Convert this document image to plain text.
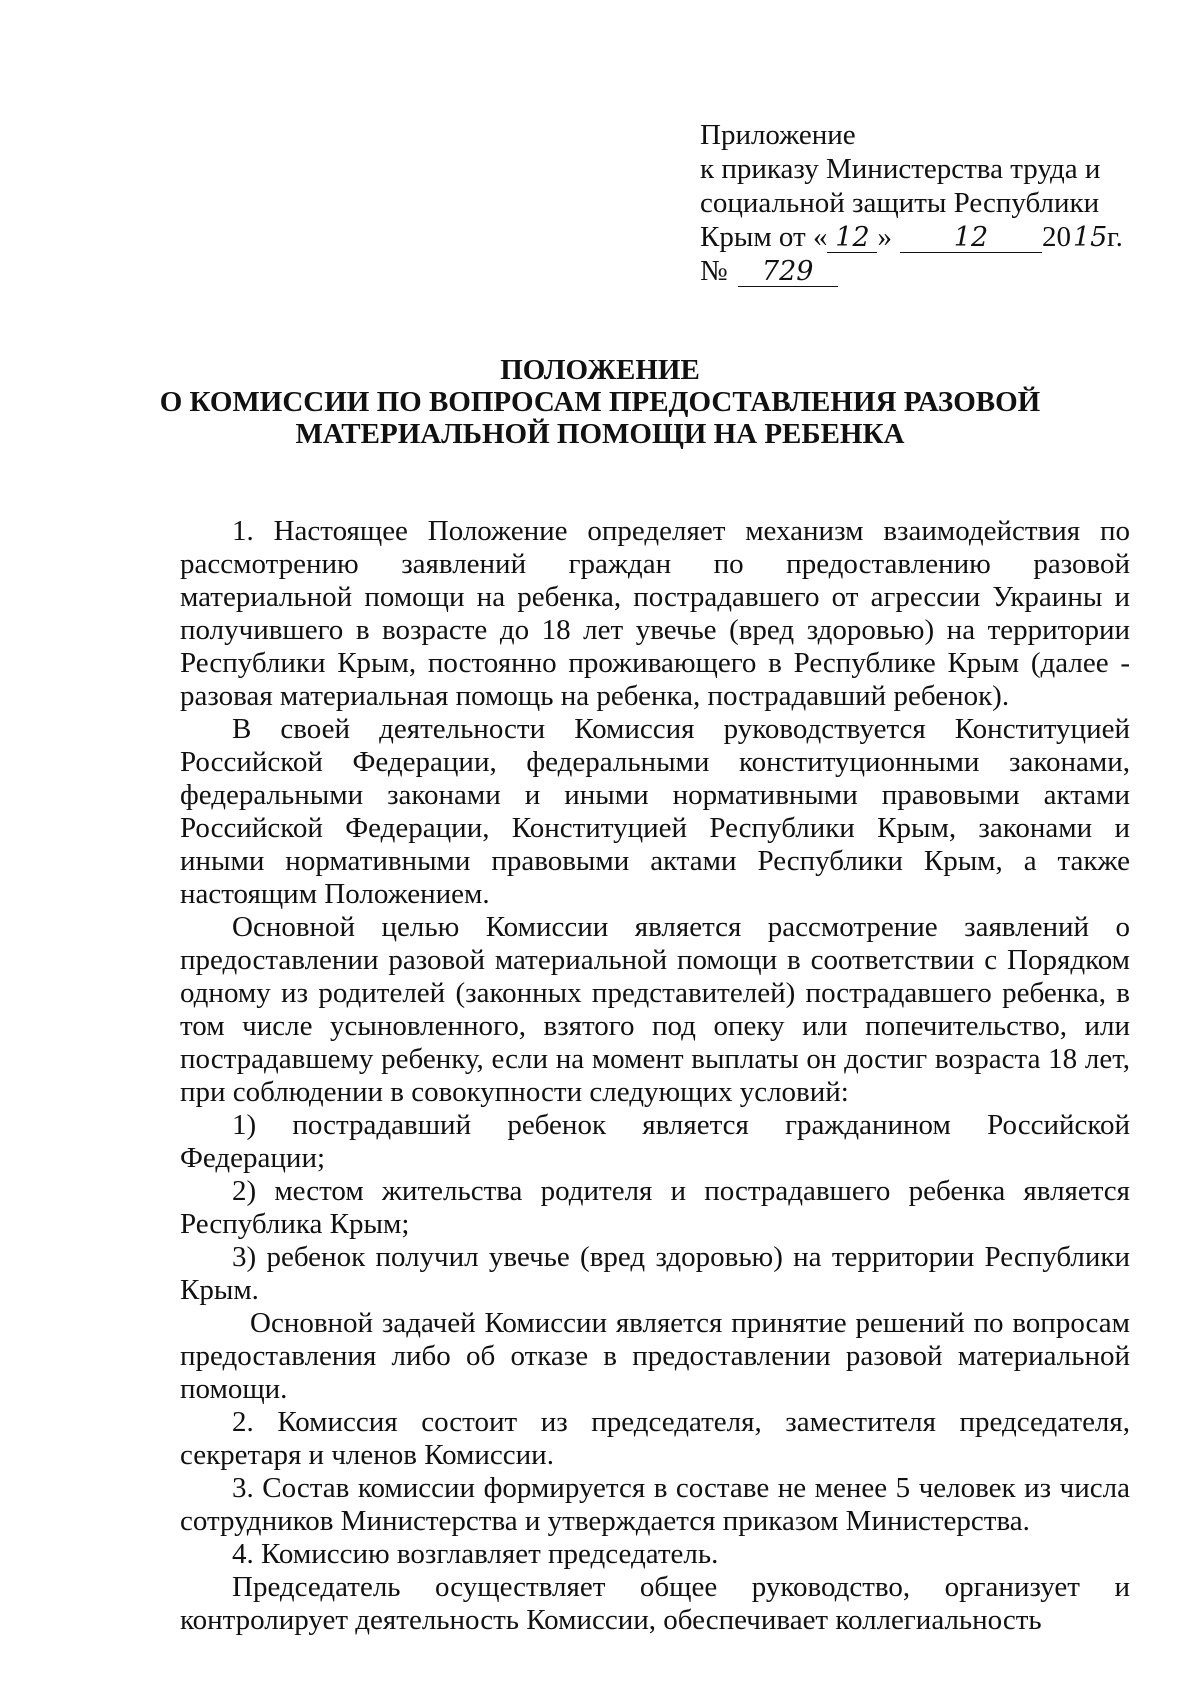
Приложение
к приказу Министерства труда и
социальной защиты Республики
Крым от « 12 » 12 2015г.
№ 729
ПОЛОЖЕНИЕ
О КОМИССИИ ПО ВОПРОСАМ ПРЕДОСТАВЛЕНИЯ РАЗОВОЙ
МАТЕРИАЛЬНОЙ ПОМОЩИ НА РЕБЕНКА

1. Настоящее Положение определяет механизм взаимодействия по рассмотрению заявлений граждан по предоставлению разовой материальной помощи на ребенка, пострадавшего от агрессии Украины и получившего в возрасте до 18 лет увечье (вред здоровью) на территории Республики Крым, постоянно проживающего в Республике Крым (далее - разовая материальная помощь на ребенка, пострадавший ребенок).

В своей деятельности Комиссия руководствуется Конституцией Российской Федерации, федеральными конституционными законами, федеральными законами и иными нормативными правовыми актами Российской Федерации, Конституцией Республики Крым, законами и иными нормативными правовыми актами Республики Крым, а также настоящим Положением.

Основной целью Комиссии является рассмотрение заявлений о предоставлении разовой материальной помощи в соответствии с Порядком одному из родителей (законных представителей) пострадавшего ребенка, в том числе усыновленного, взятого под опеку или попечительство, или пострадавшему ребенку, если на момент выплаты он достиг возраста 18 лет, при соблюдении в совокупности следующих условий:

1) пострадавший ребенок является гражданином Российской Федерации;

2) местом жительства родителя и пострадавшего ребенка является Республика Крым;

3) ребенок получил увечье (вред здоровью) на территории Республики Крым.

Основной задачей Комиссии является принятие решений по вопросам предоставления либо об отказе в предоставлении разовой материальной помощи.

2. Комиссия состоит из председателя, заместителя председателя, секретаря и членов Комиссии.

3. Состав комиссии формируется в составе не менее 5 человек из числа сотрудников Министерства и утверждается приказом Министерства.

4. Комиссию возглавляет председатель.

Председатель осуществляет общее руководство, организует и контролирует деятельность Комиссии, обеспечивает коллегиальность
